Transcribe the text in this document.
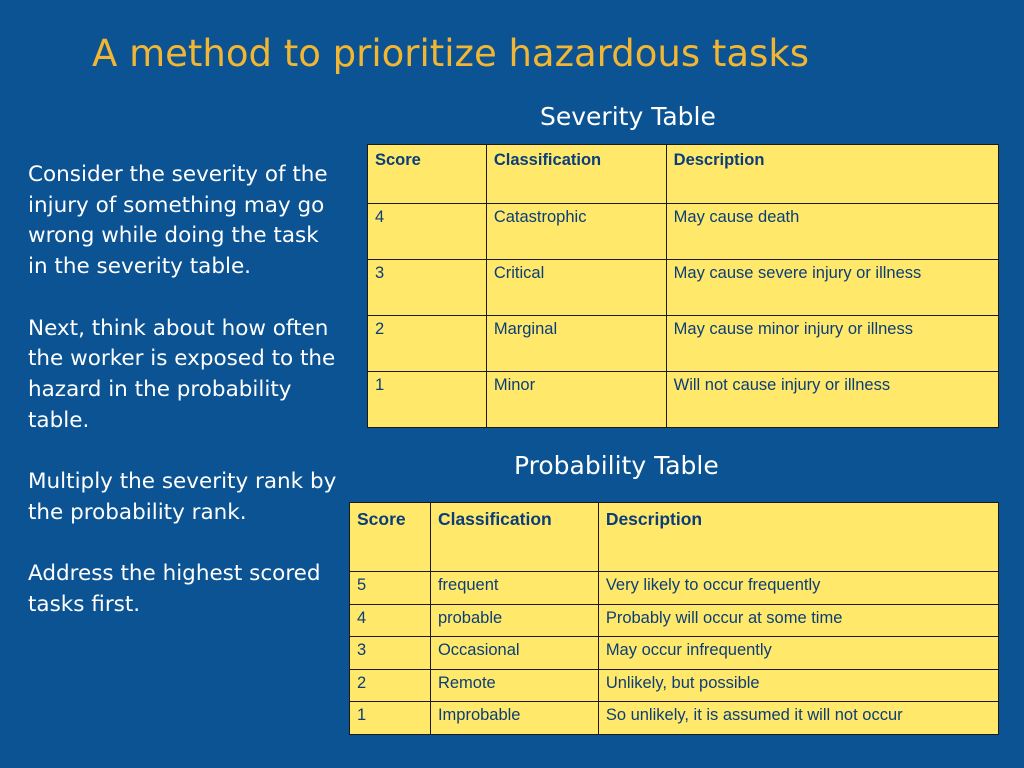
A method to prioritize hazardous tasks

Consider the severity of the injury of something may go wrong while doing the task in the severity table.

Next, think about how often the worker is exposed to the hazard in the probability table.

Multiply the severity rank by the probability rank.

Address the highest scored tasks first.

Severity Table
Score	Classification	Description
4	Catastrophic	May cause death
3	Critical	May cause severe injury or illness
2	Marginal	May cause minor injury or illness
1	Minor	Will not cause injury or illness
Probability Table
Score	Classification	Description
5	frequent	Very likely to occur frequently
4	probable	Probably will occur at some time
3	Occasional	May occur infrequently
2	Remote	Unlikely, but possible
1	Improbable	So unlikely, it is assumed it will not occur
